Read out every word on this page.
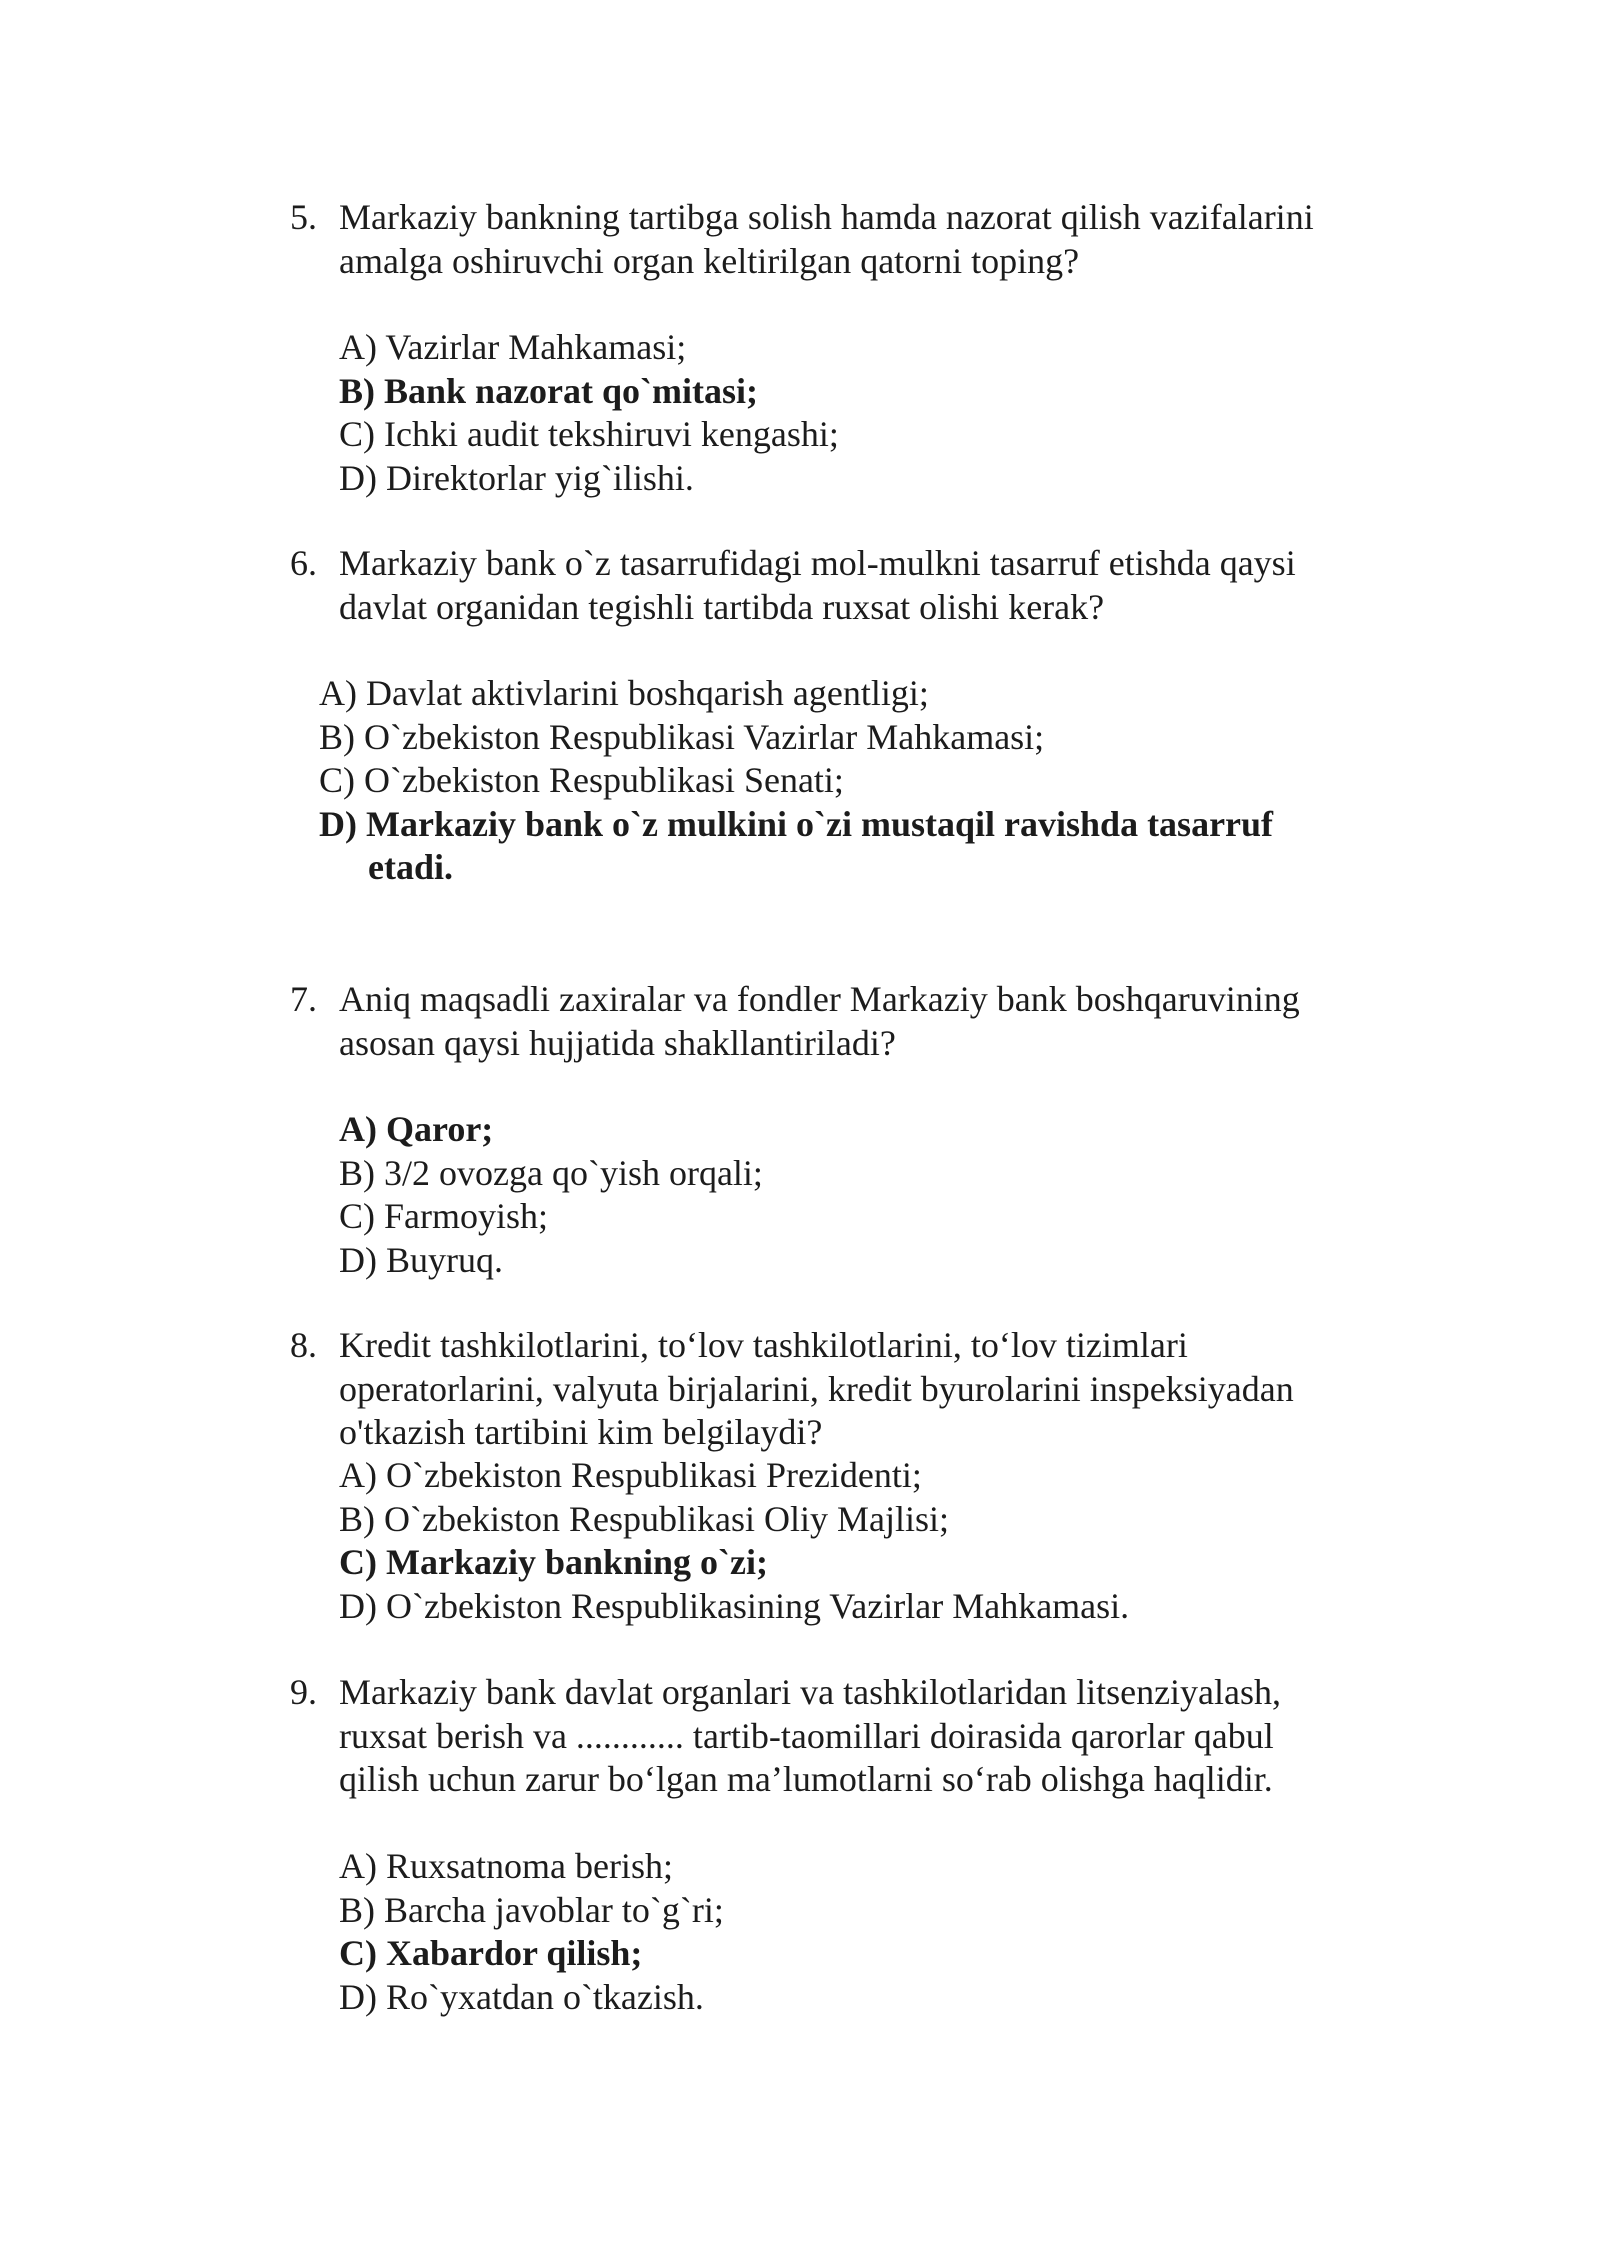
5. Markaziy bankning tartibga solish hamda nazorat qilish vazifalarini
amalga oshiruvchi organ keltirilgan qatorni toping?
A) Vazirlar Mahkamasi;
B) Bank nazorat qo`mitasi;
C) Ichki audit tekshiruvi kengashi;
D) Direktorlar yig`ilishi.
6. Markaziy bank o`z tasarrufidagi mol-mulkni tasarruf etishda qaysi
davlat organidan tegishli tartibda ruxsat olishi kerak?
A) Davlat aktivlarini boshqarish agentligi;
B) O`zbekiston Respublikasi Vazirlar Mahkamasi;
C) O`zbekiston Respublikasi Senati;
D) Markaziy bank o`z mulkini o`zi mustaqil ravishda tasarruf
etadi.
7. Aniq maqsadli zaxiralar va fondler Markaziy bank boshqaruvining
asosan qaysi hujjatida shakllantiriladi?
A) Qaror;
B) 3/2 ovozga qo`yish orqali;
C) Farmoyish;
D) Buyruq.
8. Kredit tashkilotlarini, to‘lov tashkilotlarini, to‘lov tizimlari
operatorlarini, valyuta birjalarini, kredit byurolarini inspeksiyadan
o'tkazish tartibini kim belgilaydi?
A) O`zbekiston Respublikasi Prezidenti;
B) O`zbekiston Respublikasi Oliy Majlisi;
C) Markaziy bankning o`zi;
D) O`zbekiston Respublikasining Vazirlar Mahkamasi.
9. Markaziy bank davlat organlari va tashkilotlaridan litsenziyalash,
ruxsat berish va ............ tartib-taomillari doirasida qarorlar qabul
qilish uchun zarur bo‘lgan ma’lumotlarni so‘rab olishga haqlidir.
A) Ruxsatnoma berish;
B) Barcha javoblar to`g`ri;
C) Xabardor qilish;
D) Ro`yxatdan o`tkazish.
